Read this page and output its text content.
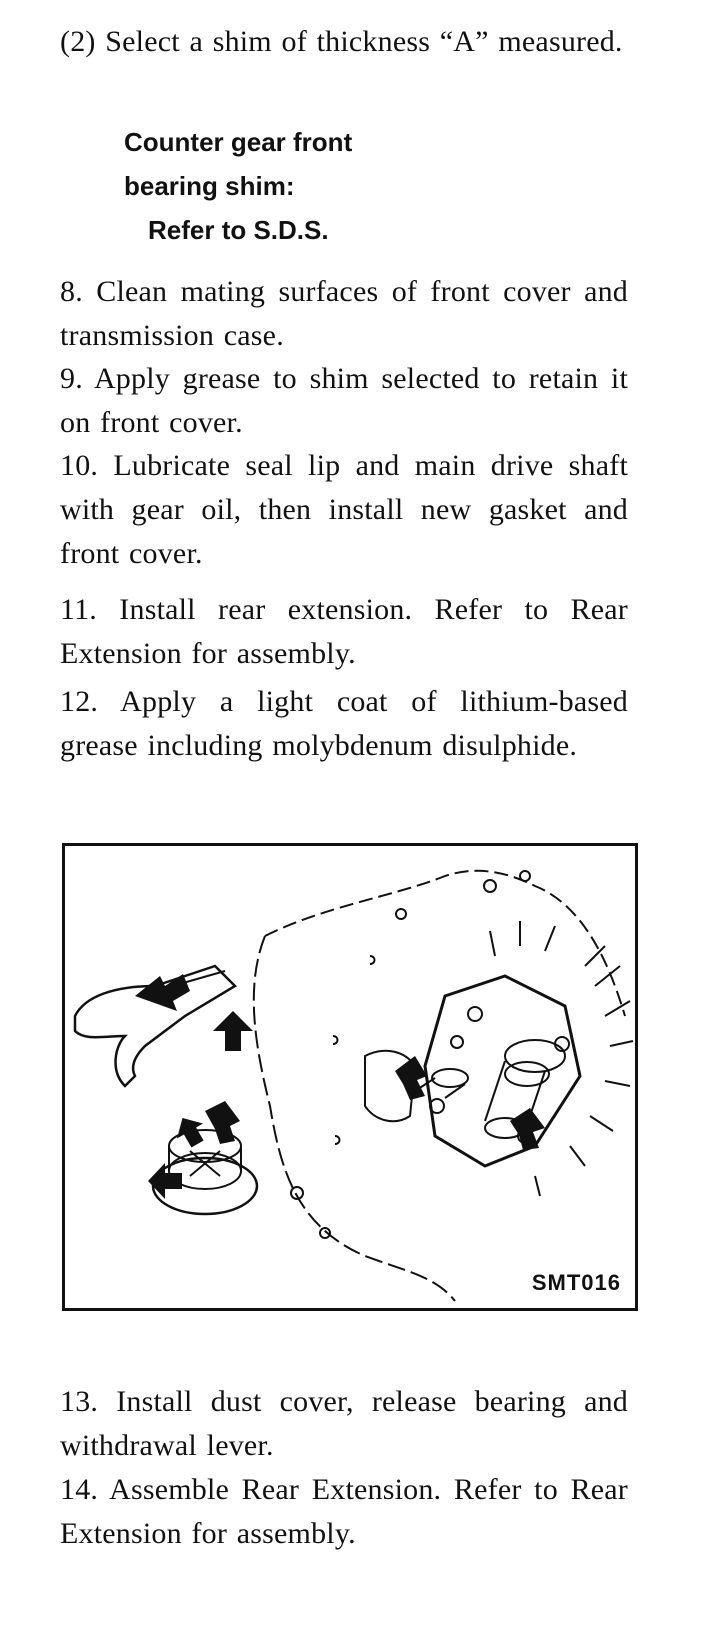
(2) Select a shim of thickness “A” measured.

Counter gear front
bearing shim:
Refer to S.D.S.

8. Clean mating surfaces of front cover and transmission case.

9. Apply grease to shim selected to retain it on front cover.

10. Lubricate seal lip and main drive shaft with gear oil, then install new gasket and front cover.

11. Install rear extension. Refer to Rear Extension for assembly.

12. Apply a light coat of lithium-based grease including molybdenum disulphide.

SMT016

13. Install dust cover, release bearing and withdrawal lever.

14. Assemble Rear Extension. Refer to Rear Extension for assembly.
